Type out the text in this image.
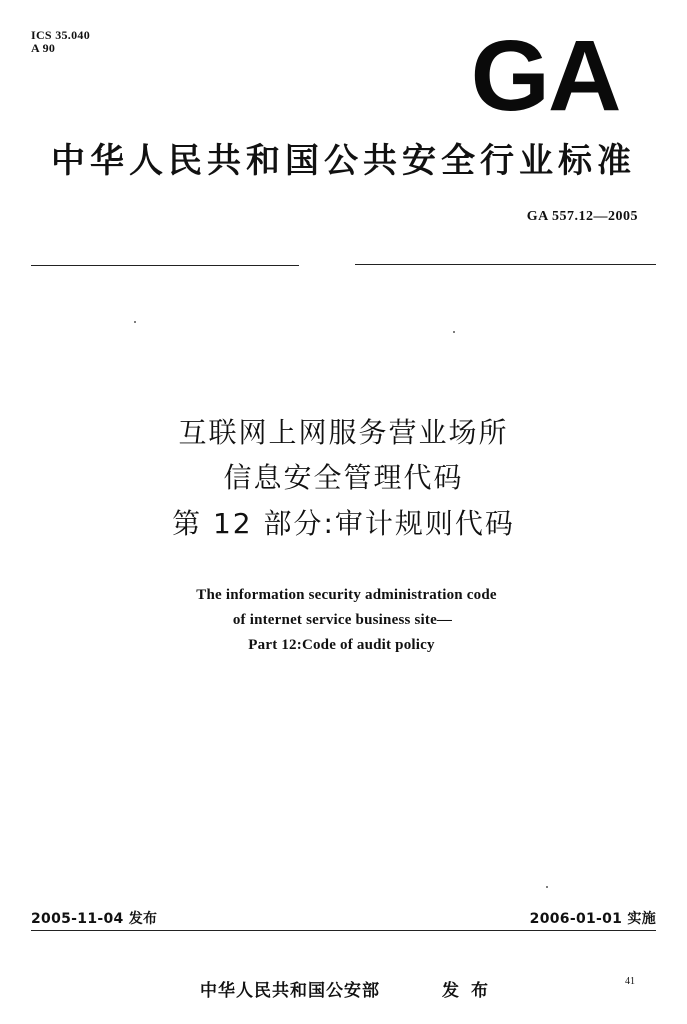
ICS 35.040
A 90	GA
中华人民共和国公共安全行业标准
GA 557.12—2005
互联网上网服务营业场所
信息安全管理代码
第 12 部分:审计规则代码
The information security administration code
of internet service business site—
Part 12:Code of audit policy
2005-11-04 发布	2006-01-01 实施
中华人民共和国公安部	发布	41
